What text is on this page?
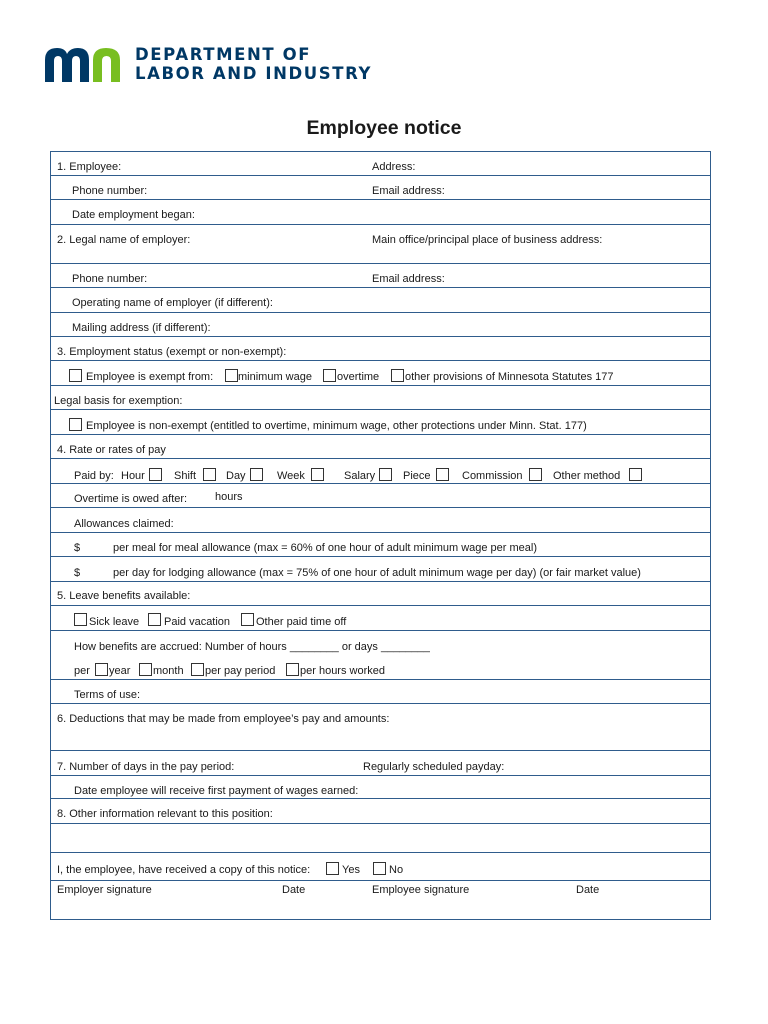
DEPARTMENT OF
LABOR AND INDUSTRY
Employee notice
1. Employee:	Address:
Phone number:	Email address:
Date employment began:
2. Legal name of employer:	Main office/principal place of business address:
Phone number:	Email address:
Operating name of employer (if different):
Mailing address (if different):
3. Employment status (exempt or non-exempt):
Employee is exempt from: minimum wage overtime other provisions of Minnesota Statutes 177
Legal basis for exemption:
Employee is non-exempt (entitled to overtime, minimum wage, other protections under Minn. Stat. 177)
4. Rate or rates of pay
Paid by: Hour	Shift	Day	Week	Salary	Piece	Commission	Other method
Overtime is owed after:	hours
Allowances claimed:
$	per meal for meal allowance (max = 60% of one hour of adult minimum wage per meal)
$	per day for lodging allowance (max = 75% of one hour of adult minimum wage per day) (or fair market value)
5. Leave benefits available:
Sick leave Paid vacation Other paid time off
How benefits are accrued: Number of hours ________ or days ________
per year month per pay period per hours worked
Terms of use:
6. Deductions that may be made from employee’s pay and amounts:
7. Number of days in the pay period:	Regularly scheduled payday:
Date employee will receive first payment of wages earned:
8. Other information relevant to this position:
I, the employee, have received a copy of this notice:	Yes	No
Employer signature	Date	Employee signature	Date
